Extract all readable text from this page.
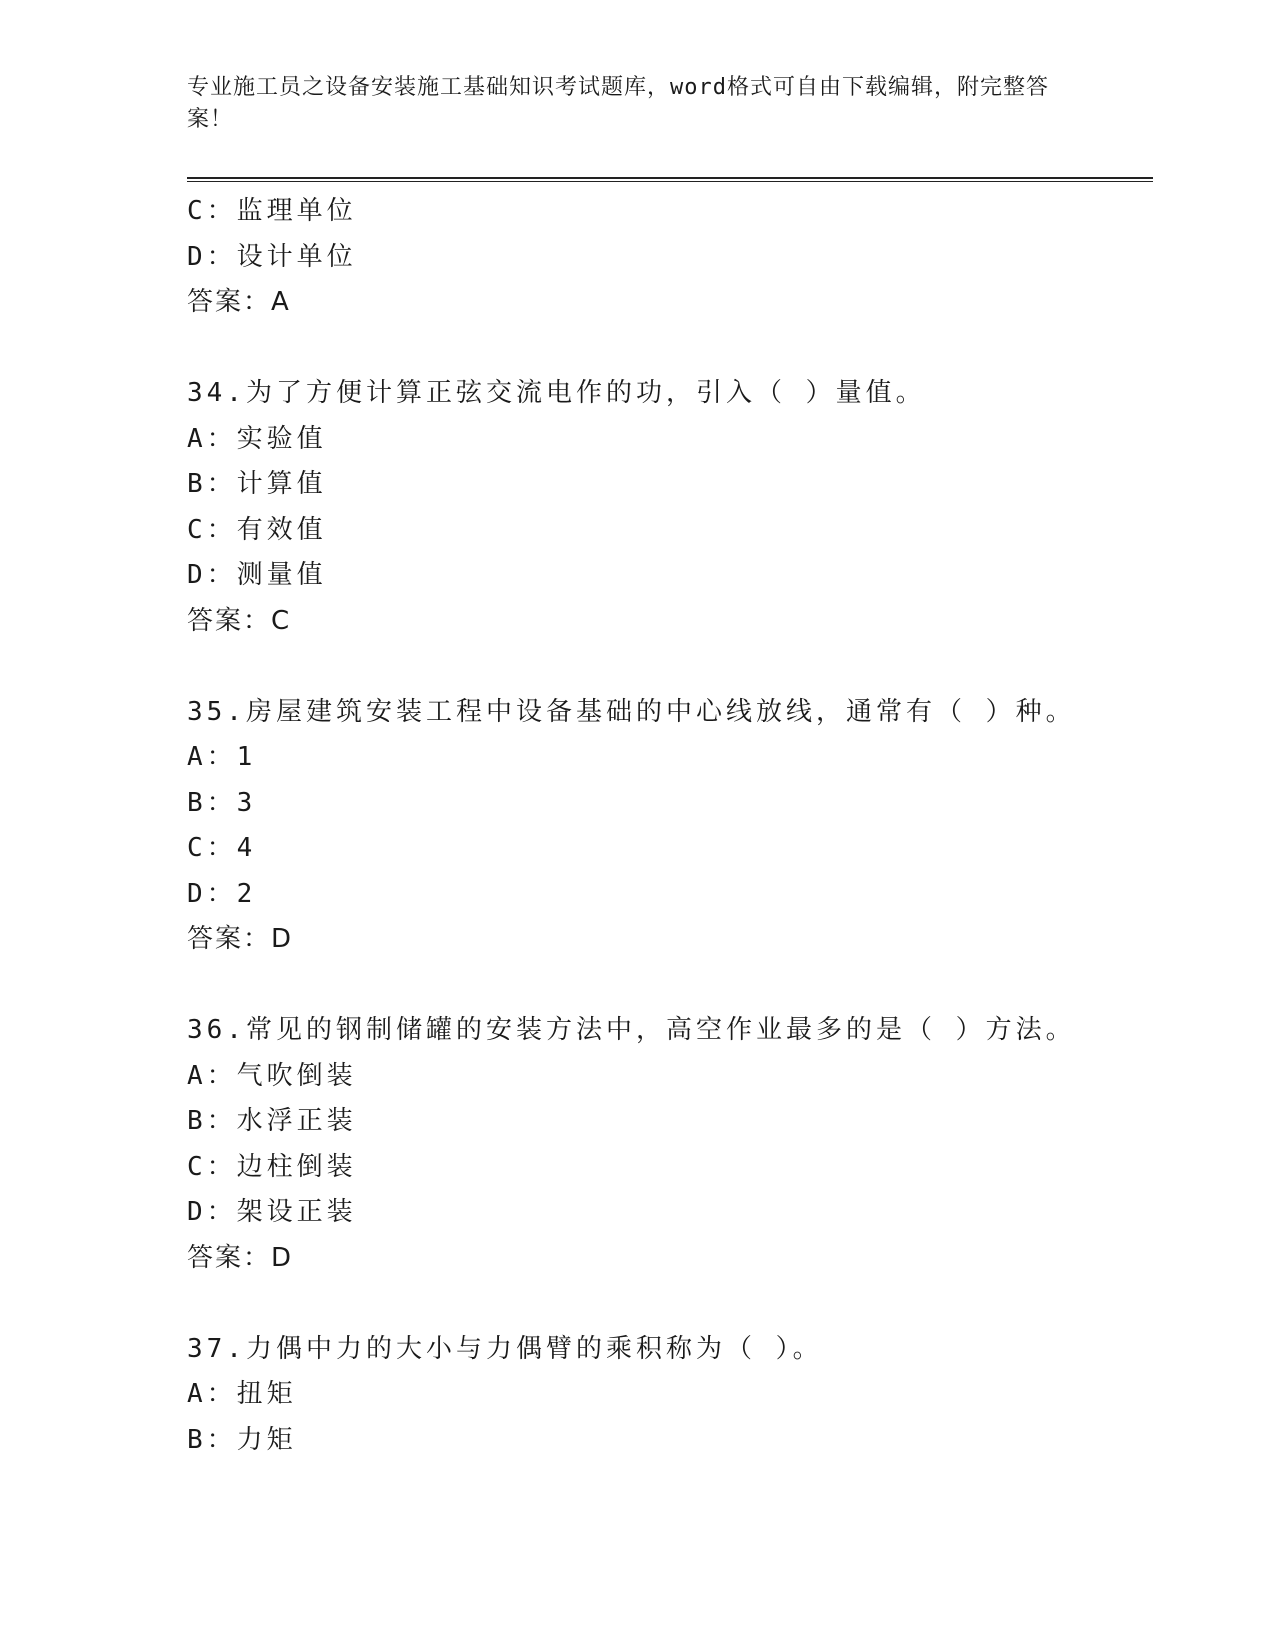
专业施工员之设备安装施工基础知识考试题库，word格式可自由下载编辑，附完整答案！
C：监理单位
D：设计单位
答案：A
34.为了方便计算正弦交流电作的功，引入（ ）量值。
A：实验值
B：计算值
C：有效值
D：测量值
答案：C
35.房屋建筑安装工程中设备基础的中心线放线，通常有（ ）种。
A：1
B：3
C：4
D：2
答案：D
36.常见的钢制储罐的安装方法中，高空作业最多的是（ ）方法。
A：气吹倒装
B：水浮正装
C：边柱倒装
D：架设正装
答案：D
37.力偶中力的大小与力偶臂的乘积称为（ ）。
A：扭矩
B：力矩
